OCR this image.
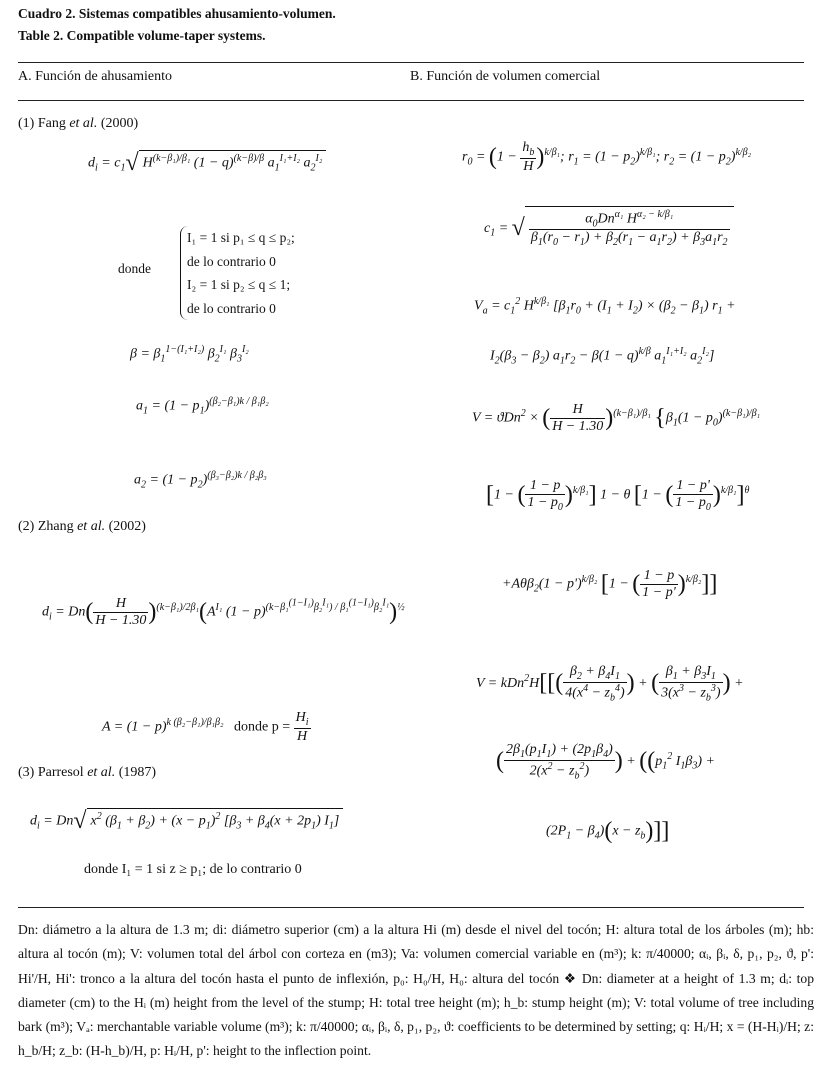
Cuadro 2. Sistemas compatibles ahusamiento-volumen.
Table 2. Compatible volume-taper systems.
A. Función de ahusamiento	B. Función de volumen comercial
(1) Fang et al. (2000)
$d_i = c_1√$ $H^{(k-\beta_1)/\beta_1}$ $(1 - q)^{(k-\beta)/\beta}$ $a_1^{I_1+I_2}$ $a_2^{I_2}$
donde
I₁ = 1 si p₁ ≤ q ≤ p₂;
de lo contrario 0
I₂ = 1 si p₂ ≤ q ≤ 1;
de lo contrario 0
$\beta = \beta_1^{1-(I_1+I_2)}$ $\beta_2^{I_1}$ $\beta_3^{I_2}$
$a_1 = (1 - p_1)^{(\beta_2-\beta_1)k / \beta_1\beta_2}$
$a_2 = (1 - p_2)^{(\beta_3-\beta_2)k / \beta_2\beta_3}$
(2) Zhang et al. (2002)
$d_i = Dn( \frac{H}{H - 1.30} )^{(k-\beta_1)/2\beta_1}(A^{I_1}$ $(1 - p)^{(k-\beta_1^{(1-I_1)}\beta_2^{I_1}) / \beta_1^{(1-I_1)}\beta_2^{I_1}})^{\frac{1}{2}}$
$A = (1 - p)^{k (\beta_2-\beta_1)/\beta_1\beta_2}$ donde $p = \frac{H_i}{H}$
(3) Parresol et al. (1987)
$d_i = Dn√$ $x^2$ $(\beta_1 + \beta_2) + (x - p_1)^2$ [$\beta_3 + \beta_4(x + 2p_1)$ $I_1$]
donde I₁ = 1 si z ≥ p₁; de lo contrario 0
$r_0 = (1 - \frac{h_b}{H} )^{k/\beta_1}$; $r_1 = (1 - p_2)^{k/\beta_1}$; $r_2 = (1 - p_2)^{k/\beta_2}$
$c_1$ = √ $\frac{\alpha_0Dn^{\alpha_1} H^{\alpha_2 - k/\beta_1}}{\beta_1(r_0 - r_1) + \beta_2(r_1 - a_1r_2) + \beta_3a_1r_2}$
$V_a = c_1^2$ $H^{k/\beta_1}$ [$\beta_1r_0 + (I_1 + I_2) \times (\beta_2 - \beta_1) r_1$ +
$I_2(\beta_3 - \beta_2) a_1r_2 - \beta(1 - q)^{k/\beta}$ $a_1^{I_1+I_2}$ $a_2^{I_2}$]
V = ϑDn$^2$ × ( $\frac{H}{H - 1.30} )^{(k-\beta_1)/\beta_1}$ {$\beta_1(1 - p_0)^{(k-\beta_1)/\beta_1}$
[1 − ( $\frac{1 - p}{1 - p_0} )^{k/\beta_1}$] 1 − θ [1 − ( $\frac{1 - p'}{1 - p_0} )^{k/\beta_1}]^\theta$
$+A\theta\beta_2(1 - p')^{k/\beta_2}$ [1 − ( $\frac{1 - p}{1 - p'} )^{k/\beta_2}$]]
$V = kDn^2H[[( \frac{\beta_2 + \beta_4I_1}{4(x^4 - z_b^4)}$ ) + ( $\frac{\beta_1 + \beta_3I_1}{3(x^3 - z_b^3)}$ ) +
( $\frac{2\beta_1(p_1I_1) + (2p_1\beta_4)}{2(x^2 - z_b^2)}$ ) + (($p_1^2$ $I_1\beta_3$) +
$(2P_1 - \beta_4)(x - z_b)$]]
Dn: diámetro a la altura de 1.3 m; di: diámetro superior (cm) a la altura Hi (m) desde el nivel del tocón; H: altura total de los árboles (m); hb: altura al tocón (m); V: volumen total del árbol con corteza en (m3); Va: volumen comercial variable en (m³); k: π/40000; αᵢ, βᵢ, δ, p₁, p₂, ϑ, p': Hi'/H, Hi': tronco a la altura del tocón hasta el punto de inflexión, p₀: H₀/H, H₀: altura del tocón ❖ Dn: diameter at a height of 1.3 m; dᵢ: top diameter (cm) to the Hᵢ (m) height from the level of the stump; H: total tree height (m); h_b: stump height (m); V: total volume of tree including bark (m³); Vₐ: merchantable variable volume (m³); k: π/40000; αᵢ, βᵢ, δ, p₁, p₂, ϑ: coefficients to be determined by setting; q: Hᵢ/H; x = (H-Hᵢ)/H; z: h_b/H; z_b: (H-h_b)/H, p: Hᵢ/H, p': height to the inflection point.
